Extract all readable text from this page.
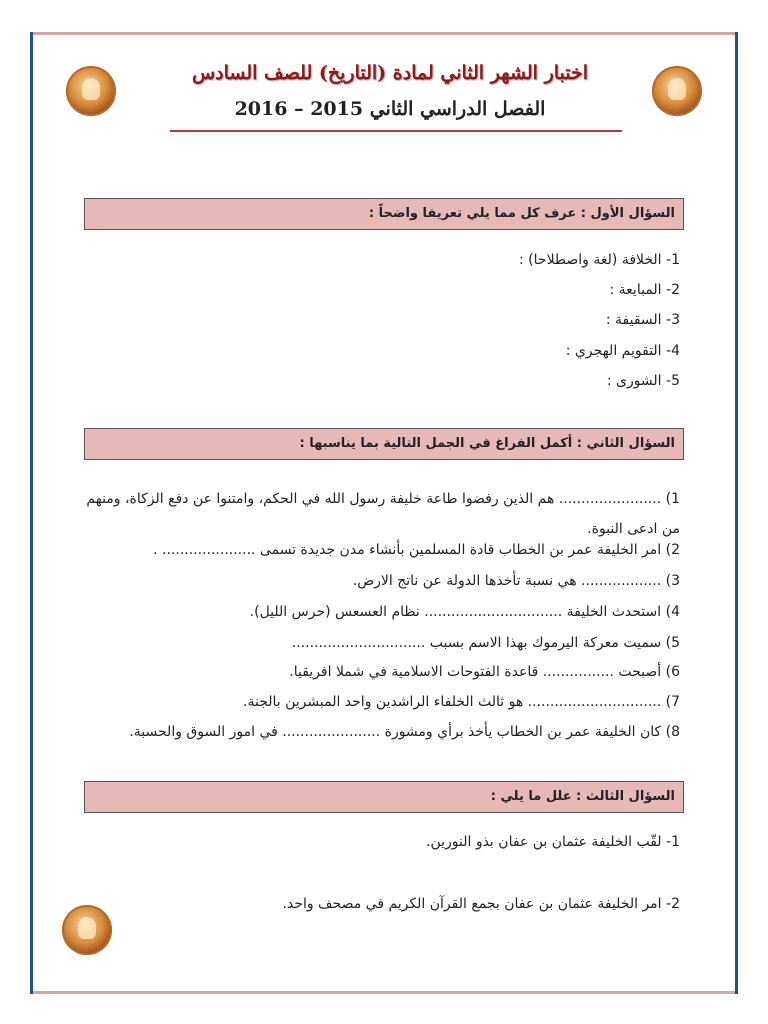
اختبار الشهر الثاني لمادة (التاريخ) للصف السادس
الفصل الدراسي الثاني 2015 – 2016
السؤال الأول : عرف كل مما يلي تعريفا واضحاً :
1- الخلافة (لغة واصطلاحا) :
2- المبايعة :
3- السقيفة :
4- التقويم الهجري :
5- الشورى :
السؤال الثاني : أكمل الفراغ في الجمل التالية بما يناسبها :
1) ....................... هم الذين رفضوا طاعة خليفة رسول الله في الحكم، وامتنوا عن دفع الزكاة، ومنهم من ادعى النبوة.
2) امر الخليفة عمر بن الخطاب قادة المسلمين بأنشاء مدن جديدة تسمى ..................... .
3) .................. هي نسبة تأخذها الدولة عن ناتج الارض.
4) استحدث الخليفة ............................... نظام العسعس (حرس الليل).
5) سميت معركة اليرموك بهذا الاسم بسبب ..............................
6) أصبحت ................ قاعدة الفتوحات الاسلامية في شملا افريقيا.
7) .............................. هو ثالث الخلفاء الراشدين واحد المبشرين بالجنة.
8) كان الخليفة عمر بن الخطاب يأخذ برأي ومشورة ...................... في امور السوق والحسبة.
السؤال الثالث : علل ما يلي :
1- لقّب الخليفة عثمان بن عفان بذو النورين.
2- امر الخليفة عثمان بن عفان بجمع القرآن الكريم في مصحف واحد.
